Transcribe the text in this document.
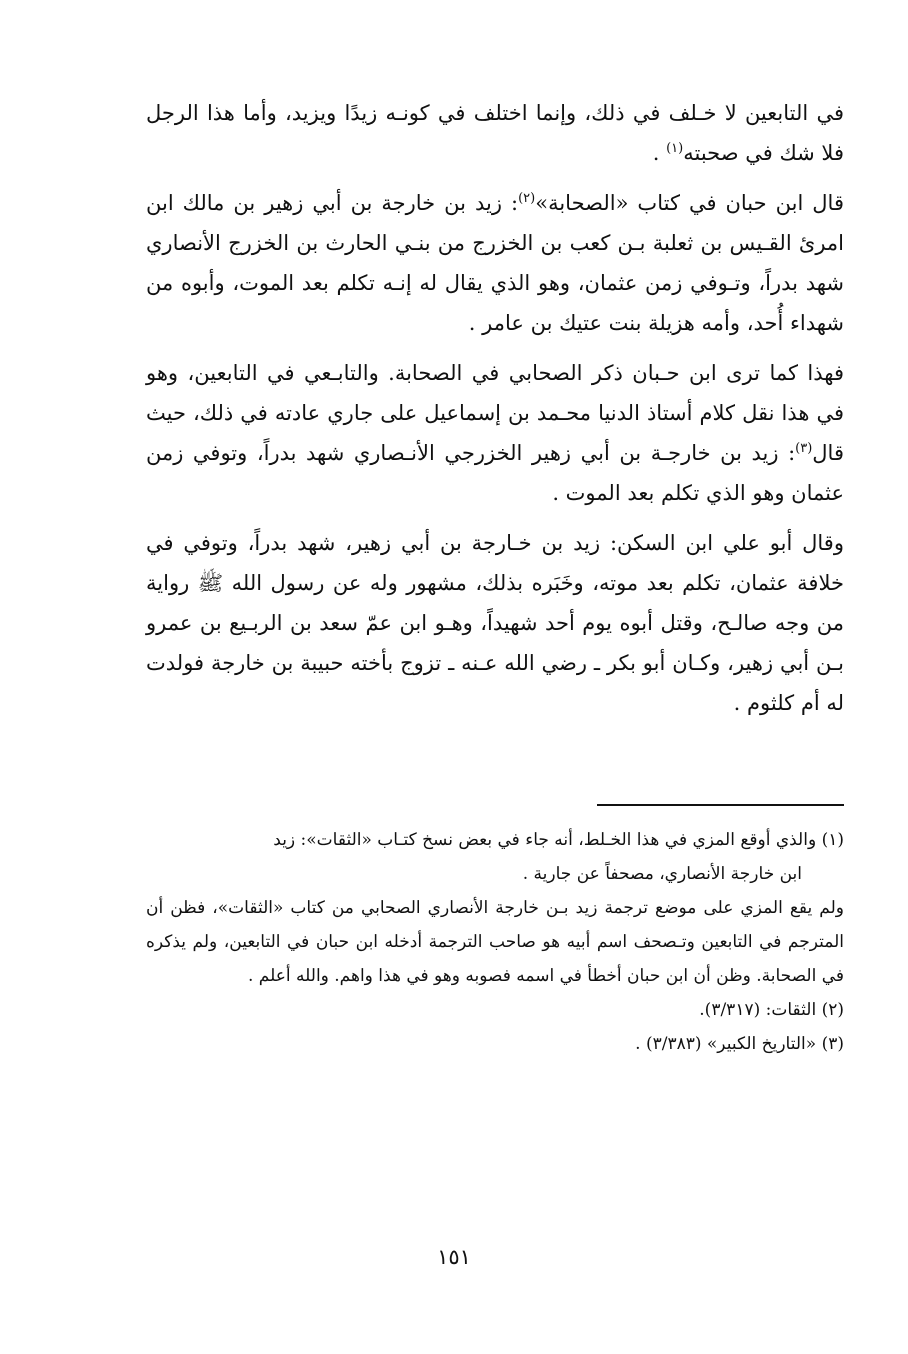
في التابعين لا خـلف في ذلك، وإنما اختلف في كونـه زيدًا ويزيد، وأما هذا الرجل فلا شك في صحبته$^{(١)}$ .

قال ابن حبان في كتاب «الصحابة»$^{(٢)}$: زيد بن خارجة بن أبي زهير بن مالك ابن امرئ القـيس بن ثعلبة بـن كعب بن الخزرج من بنـي الحارث بن الخزرج الأنصاري شهد بدراً، وتـوفي زمن عثمان، وهو الذي يقال له إنـه تكلم بعد الموت، وأبوه من شهداء أُحد، وأمه هزيلة بنت عتيك بن عامر .

فهذا كما ترى ابن حـبان ذكر الصحابي في الصحابة. والتابـعي في التابعين، وهو في هذا نقل كلام أستاذ الدنيا محـمد بن إسماعيل على جاري عادته في ذلك، حيث قال$^{(٣)}$: زيد بن خارجـة بن أبي زهير الخزرجي الأنـصاري شهد بدراً، وتوفي زمن عثمان وهو الذي تكلم بعد الموت .

وقال أبو علي ابن السكن: زيد بن خـارجة بن أبي زهير، شهد بدراً، وتوفي في خلافة عثمان، تكلم بعد موته، وخَبَره بذلك، مشهور وله عن رسول الله ﷺ رواية من وجه صالـح، وقتل أبوه يوم أحد شهيداً، وهـو ابن عمّ سعد بن الربـيع بن عمرو بـن أبي زهير، وكـان أبو بكر ـ رضي الله عـنه ـ تزوج بأخته حبيبة بن خارجة فولدت له أم كلثوم .

(١) والذي أوقع المزي في هذا الخـلط، أنه جاء في بعض نسخ كتـاب «الثقات»: زيد

ابن خارجة الأنصاري، مصحفاً عن جارية .

ولم يقع المزي على موضع ترجمة زيد بـن خارجة الأنصاري الصحابي من كتاب «الثقات»، فظن أن المترجم في التابعين وتـصحف اسم أبيه هو صاحب الترجمة أدخله ابن حبان في التابعين، ولم يذكره في الصحابة. وظن أن ابن حبان أخطأ في اسمه فصوبه وهو في هذا واهم. والله أعلم .

(٢) الثقات: (٣/٣١٧).

(٣) «التاريخ الكبير» (٣/٣٨٣) .

١٥١
